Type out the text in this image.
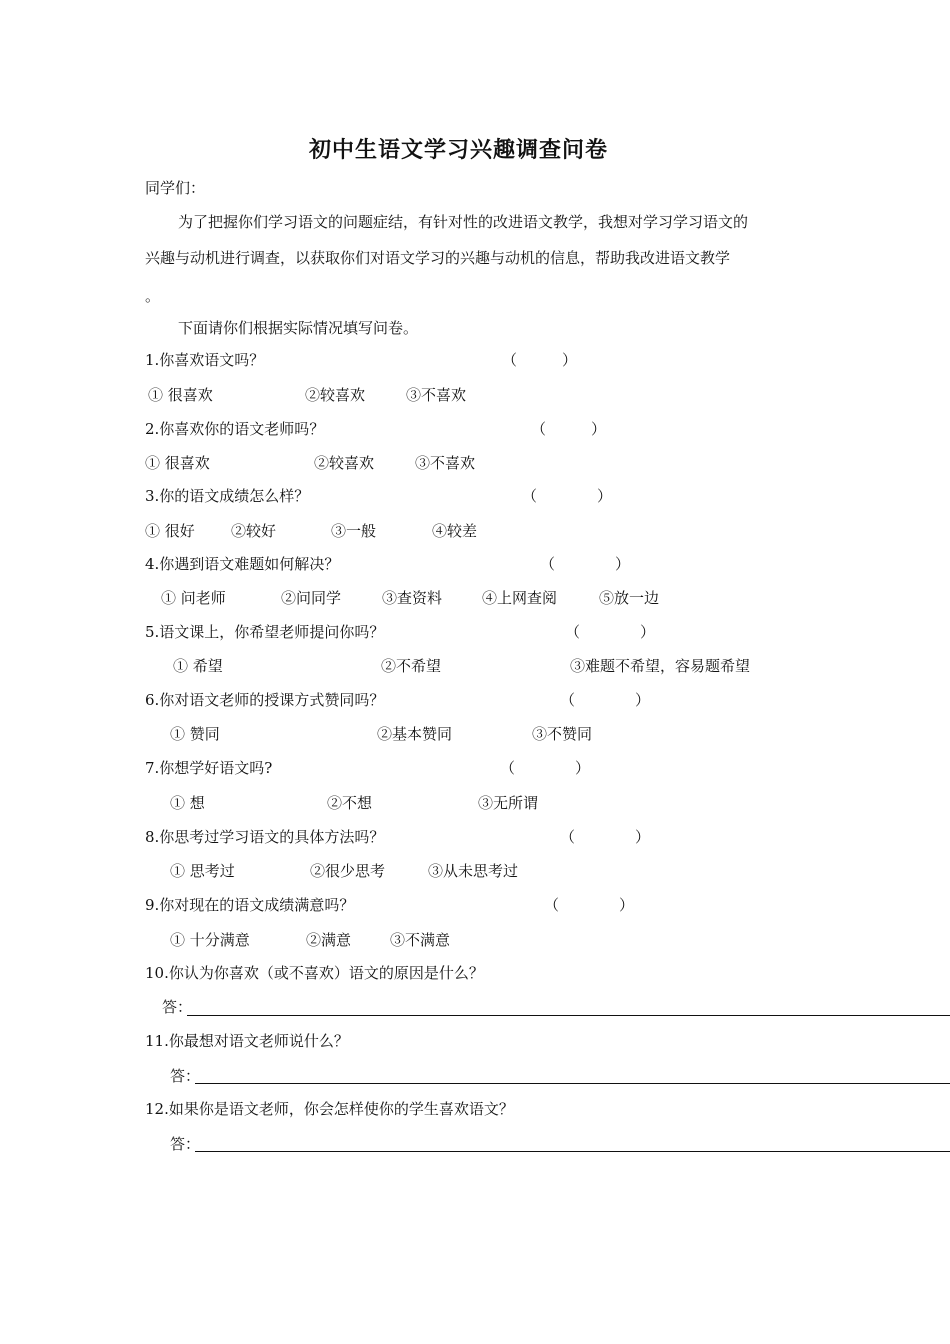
初中生语文学习兴趣调查问卷
同学们：
为了把握你们学习语文的问题症结，有针对性的改进语文教学，我想对学习学习语文的
兴趣与动机进行调查，以获取你们对语文学习的兴趣与动机的信息，帮助我改进语文教学
。
下面请你们根据实际情况填写问卷。
1.你喜欢语文吗？	（　　　）
① 很喜欢	②较喜欢	③不喜欢
2.你喜欢你的语文老师吗？	（　　　）
① 很喜欢	②较喜欢	③不喜欢
3.你的语文成绩怎么样？	（　　　　）
① 很好 ②较好	③一般	④较差
4.你遇到语文难题如何解决？	（　　　　）
① 问老师	②问同学	③查资料	④上网查阅	⑤放一边
5.语文课上，你希望老师提问你吗？	（　　　　）
① 希望	②不希望	③难题不希望，容易题希望
6.你对语文老师的授课方式赞同吗？	（　　　　）
① 赞同	②基本赞同	③不赞同
7.你想学好语文吗?	（　　　　）
① 想	②不想	③无所谓
8.你思考过学习语文的具体方法吗？	（　　　　）
① 思考过	②很少思考	③从未思考过
9.你对现在的语文成绩满意吗？	（　　　　）
① 十分满意	②满意	③不满意
10.你认为你喜欢（或不喜欢）语文的原因是什么？
答：
11.你最想对语文老师说什么？
答：
12.如果你是语文老师，你会怎样使你的学生喜欢语文？
答：
